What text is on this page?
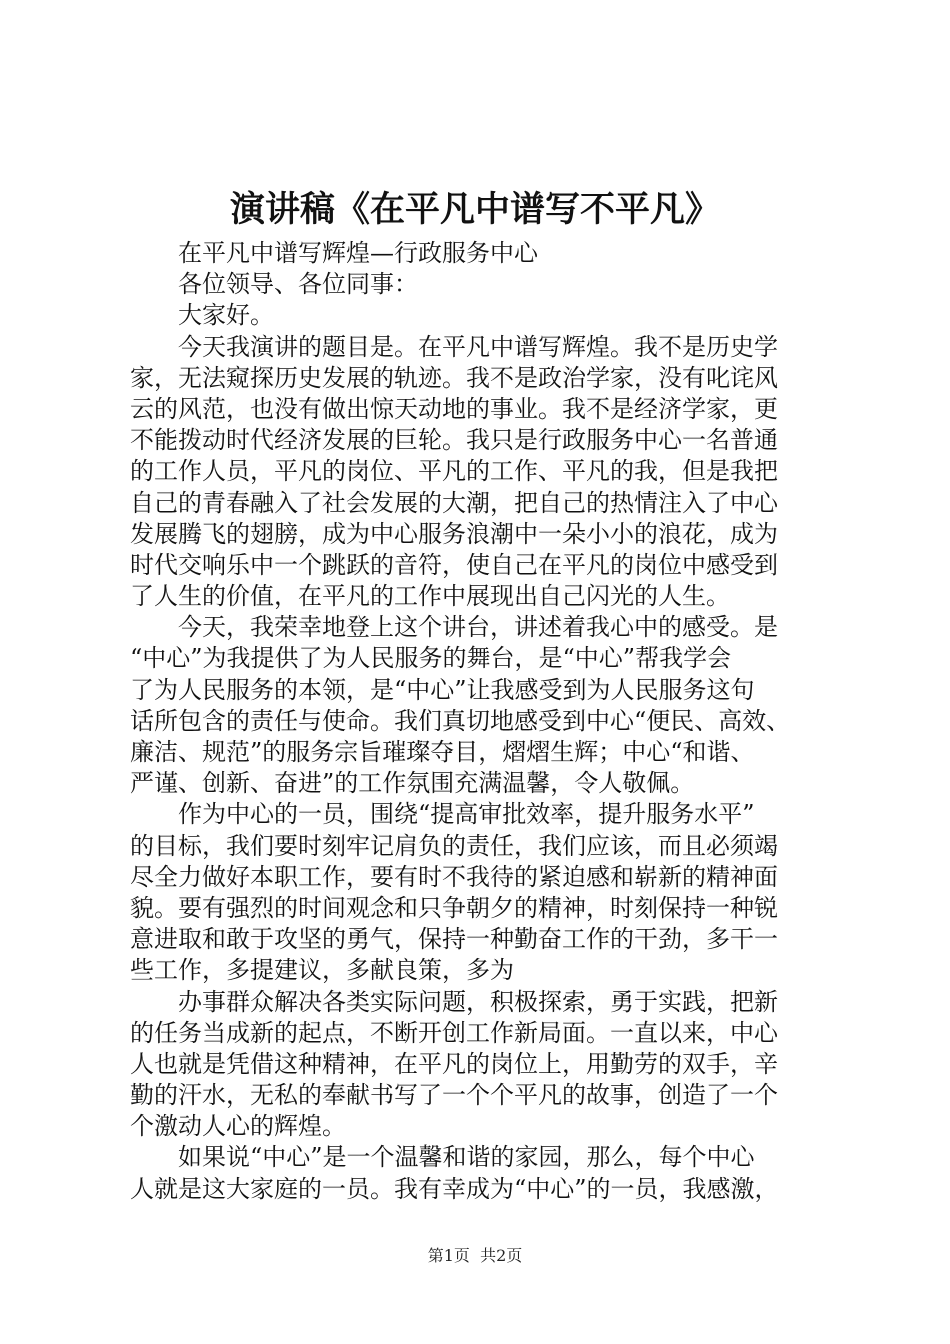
演讲稿《在平凡中谱写不平凡》
在平凡中谱写辉煌—行政服务中心
各位领导、各位同事：
大家好。
今天我演讲的题目是。在平凡中谱写辉煌。我不是历史学
家，无法窥探历史发展的轨迹。我不是政治学家，没有叱诧风
云的风范，也没有做出惊天动地的事业。我不是经济学家，更
不能拨动时代经济发展的巨轮。我只是行政服务中心一名普通
的工作人员，平凡的岗位、平凡的工作、平凡的我，但是我把
自己的青春融入了社会发展的大潮，把自己的热情注入了中心
发展腾飞的翅膀，成为中心服务浪潮中一朵小小的浪花，成为
时代交响乐中一个跳跃的音符，使自己在平凡的岗位中感受到
了人生的价值，在平凡的工作中展现出自己闪光的人生。
今天，我荣幸地登上这个讲台，讲述着我心中的感受。是
“中心”为我提供了为人民服务的舞台，是“中心”帮我学会
了为人民服务的本领，是“中心”让我感受到为人民服务这句
话所包含的责任与使命。我们真切地感受到中心“便民、高效、
廉洁、规范”的服务宗旨璀璨夺目，熠熠生辉；中心“和谐、
严谨、创新、奋进”的工作氛围充满温馨，令人敬佩。
作为中心的一员，围绕“提高审批效率，提升服务水平”
的目标，我们要时刻牢记肩负的责任，我们应该，而且必须竭
尽全力做好本职工作，要有时不我待的紧迫感和崭新的精神面
貌。要有强烈的时间观念和只争朝夕的精神，时刻保持一种锐
意进取和敢于攻坚的勇气，保持一种勤奋工作的干劲，多干一
些工作，多提建议，多献良策，多为
办事群众解决各类实际问题，积极探索，勇于实践，把新
的任务当成新的起点，不断开创工作新局面。一直以来，中心
人也就是凭借这种精神，在平凡的岗位上，用勤劳的双手，辛
勤的汗水，无私的奉献书写了一个个平凡的故事，创造了一个
个激动人心的辉煌。
如果说“中心”是一个温馨和谐的家园，那么，每个中心
人就是这大家庭的一员。我有幸成为“中心”的一员，我感激，
第1页  共2页
